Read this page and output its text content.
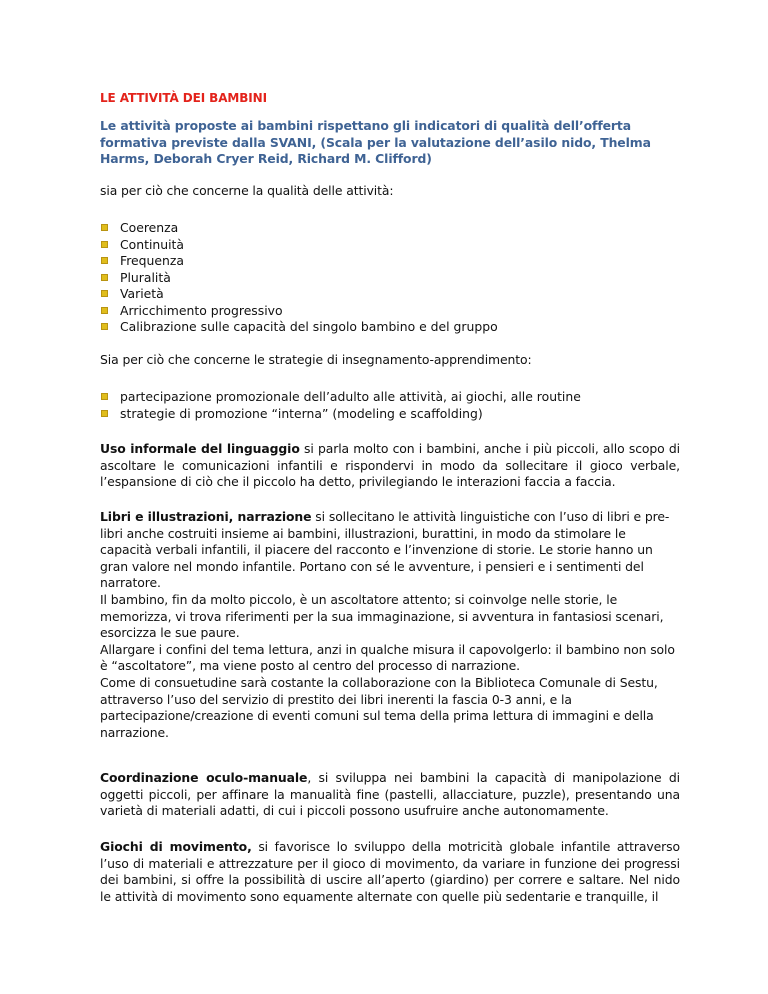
LE ATTIVITÀ DEI BAMBINI

Le attività proposte ai bambini rispettano gli indicatori di qualità dell’offerta formativa previste dalla SVANI, (Scala per la valutazione dell’asilo nido, Thelma Harms, Deborah Cryer Reid, Richard M. Clifford)

sia per ciò che concerne la qualità delle attività:

Coerenza
Continuità
Frequenza
Pluralità
Varietà
Arricchimento progressivo
Calibrazione sulle capacità del singolo bambino e del gruppo

Sia per ciò che concerne le strategie di insegnamento-apprendimento:

partecipazione promozionale dell’adulto alle attività, ai giochi, alle routine
strategie di promozione “interna” (modeling e scaffolding)

Uso informale del linguaggio si parla molto con i bambini, anche i più piccoli, allo scopo di ascoltare le comunicazioni infantili e rispondervi in modo da sollecitare il gioco verbale, l’espansione di ciò che il piccolo ha detto, privilegiando le interazioni faccia a faccia.

Libri e illustrazioni, narrazione si sollecitano le attività linguistiche con l’uso di libri e pre-libri anche costruiti insieme ai bambini, illustrazioni, burattini, in modo da stimolare le capacità verbali infantili, il piacere del racconto e l’invenzione di storie. Le storie hanno un gran valore nel mondo infantile. Portano con sé le avventure, i pensieri e i sentimenti del narratore.

Il bambino, fin da molto piccolo, è un ascoltatore attento; si coinvolge nelle storie, le memorizza, vi trova riferimenti per la sua immaginazione, si avventura in fantasiosi scenari, esorcizza le sue paure.

Allargare i confini del tema lettura, anzi in qualche misura il capovolgerlo: il bambino non solo è “ascoltatore”, ma viene posto al centro del processo di narrazione.

Come di consuetudine sarà costante la collaborazione con la Biblioteca Comunale di Sestu, attraverso l’uso del servizio di prestito dei libri inerenti la fascia 0-3 anni, e la partecipazione/creazione di eventi comuni sul tema della prima lettura di immagini e della narrazione.

Coordinazione oculo-manuale, si sviluppa nei bambini la capacità di manipolazione di oggetti piccoli, per affinare la manualità fine (pastelli, allacciature, puzzle), presentando una varietà di materiali adatti, di cui i piccoli possono usufruire anche autonomamente.

Giochi di movimento, si favorisce lo sviluppo della motricità globale infantile attraverso l’uso di materiali e attrezzature per il gioco di movimento, da variare in funzione dei progressi dei bambini, si offre la possibilità di uscire all’aperto (giardino) per correre e saltare. Nel nido le attività di movimento sono equamente alternate con quelle più sedentarie e tranquille, il
